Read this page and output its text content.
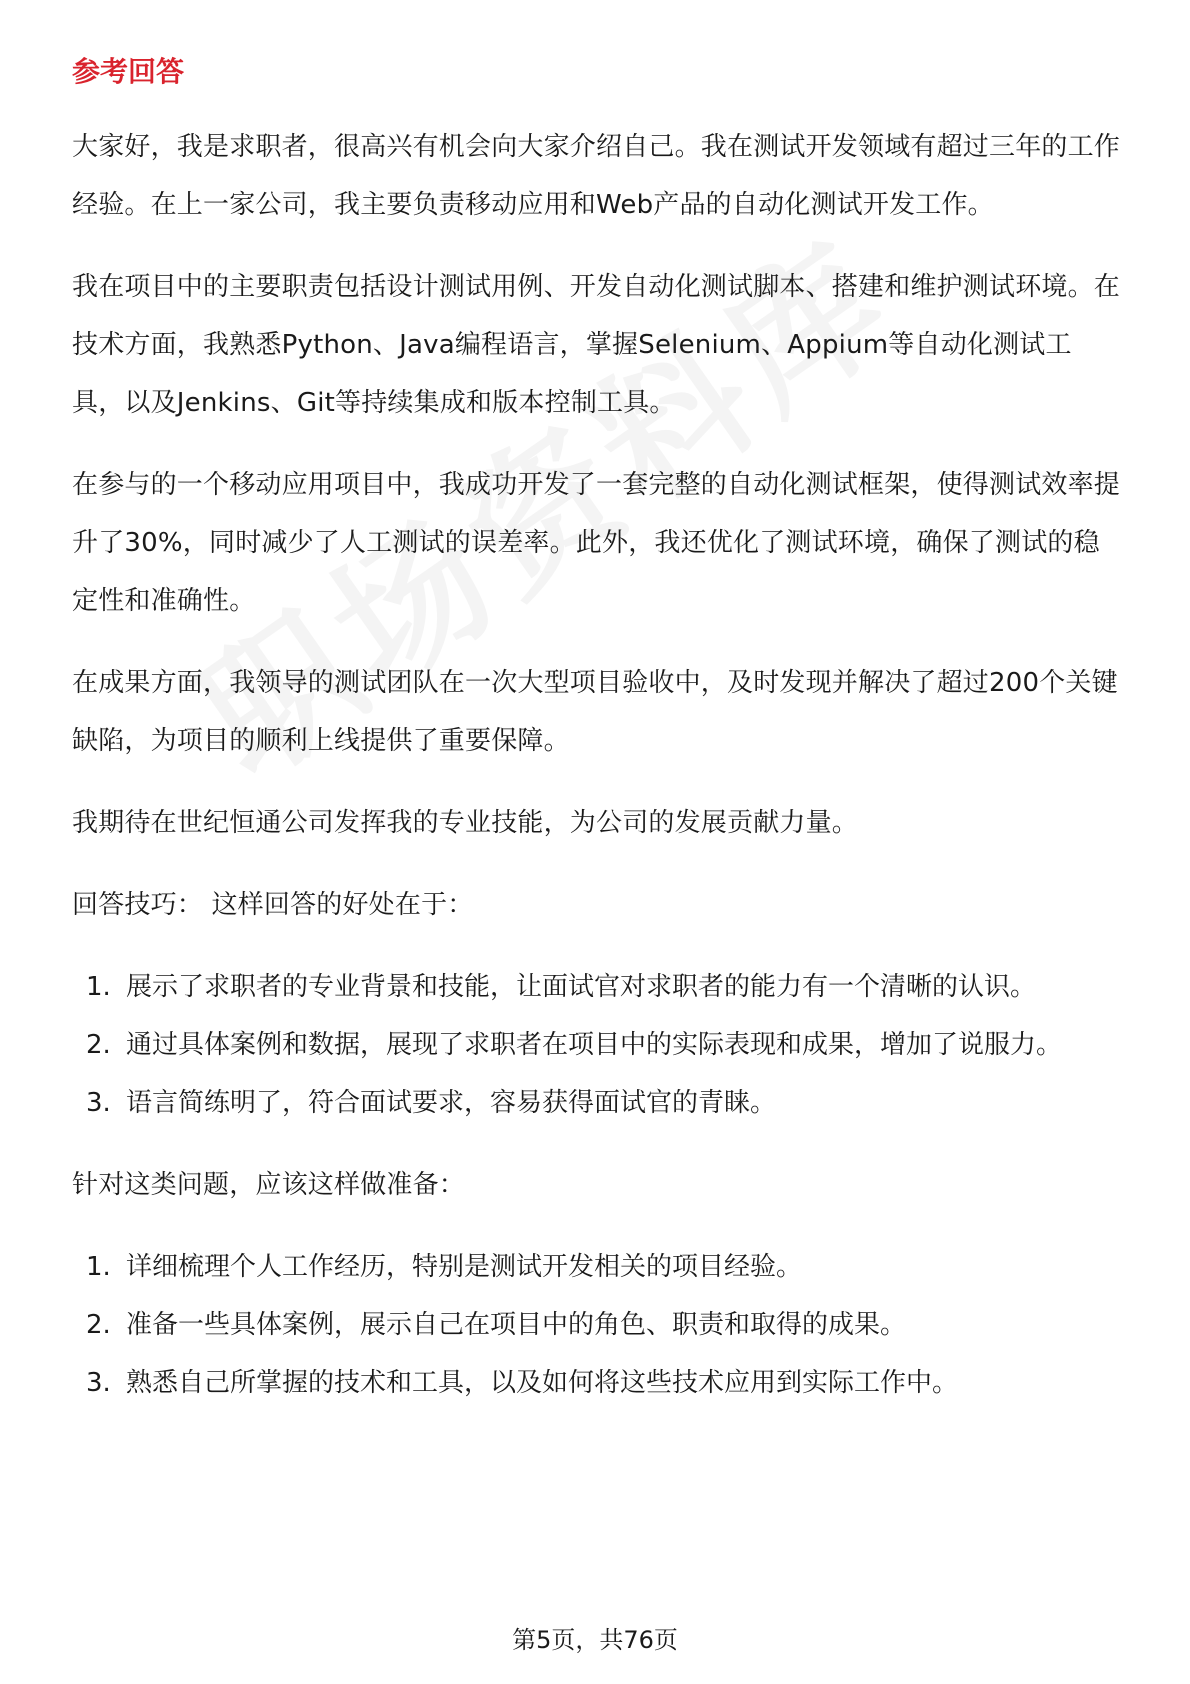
参考回答

大家好，我是求职者，很高兴有机会向大家介绍自己。我在测试开发领域有超过三年的工作经验。在上一家公司，我主要负责移动应用和Web产品的自动化测试开发工作。

我在项目中的主要职责包括设计测试用例、开发自动化测试脚本、搭建和维护测试环境。在技术方面，我熟悉Python、Java编程语言，掌握Selenium、Appium等自动化测试工具，以及Jenkins、Git等持续集成和版本控制工具。

在参与的一个移动应用项目中，我成功开发了一套完整的自动化测试框架，使得测试效率提升了30%，同时减少了人工测试的误差率。此外，我还优化了测试环境，确保了测试的稳定性和准确性。

在成果方面，我领导的测试团队在一次大型项目验收中，及时发现并解决了超过200个关键缺陷，为项目的顺利上线提供了重要保障。

我期待在世纪恒通公司发挥我的专业技能，为公司的发展贡献力量。

回答技巧： 这样回答的好处在于：

1. 展示了求职者的专业背景和技能，让面试官对求职者的能力有一个清晰的认识。
2. 通过具体案例和数据，展现了求职者在项目中的实际表现和成果，增加了说服力。
3. 语言简练明了，符合面试要求，容易获得面试官的青睐。

针对这类问题，应该这样做准备：

1. 详细梳理个人工作经历，特别是测试开发相关的项目经验。
2. 准备一些具体案例，展示自己在项目中的角色、职责和取得的成果。
3. 熟悉自己所掌握的技术和工具，以及如何将这些技术应用到实际工作中。
第5页，共76页
